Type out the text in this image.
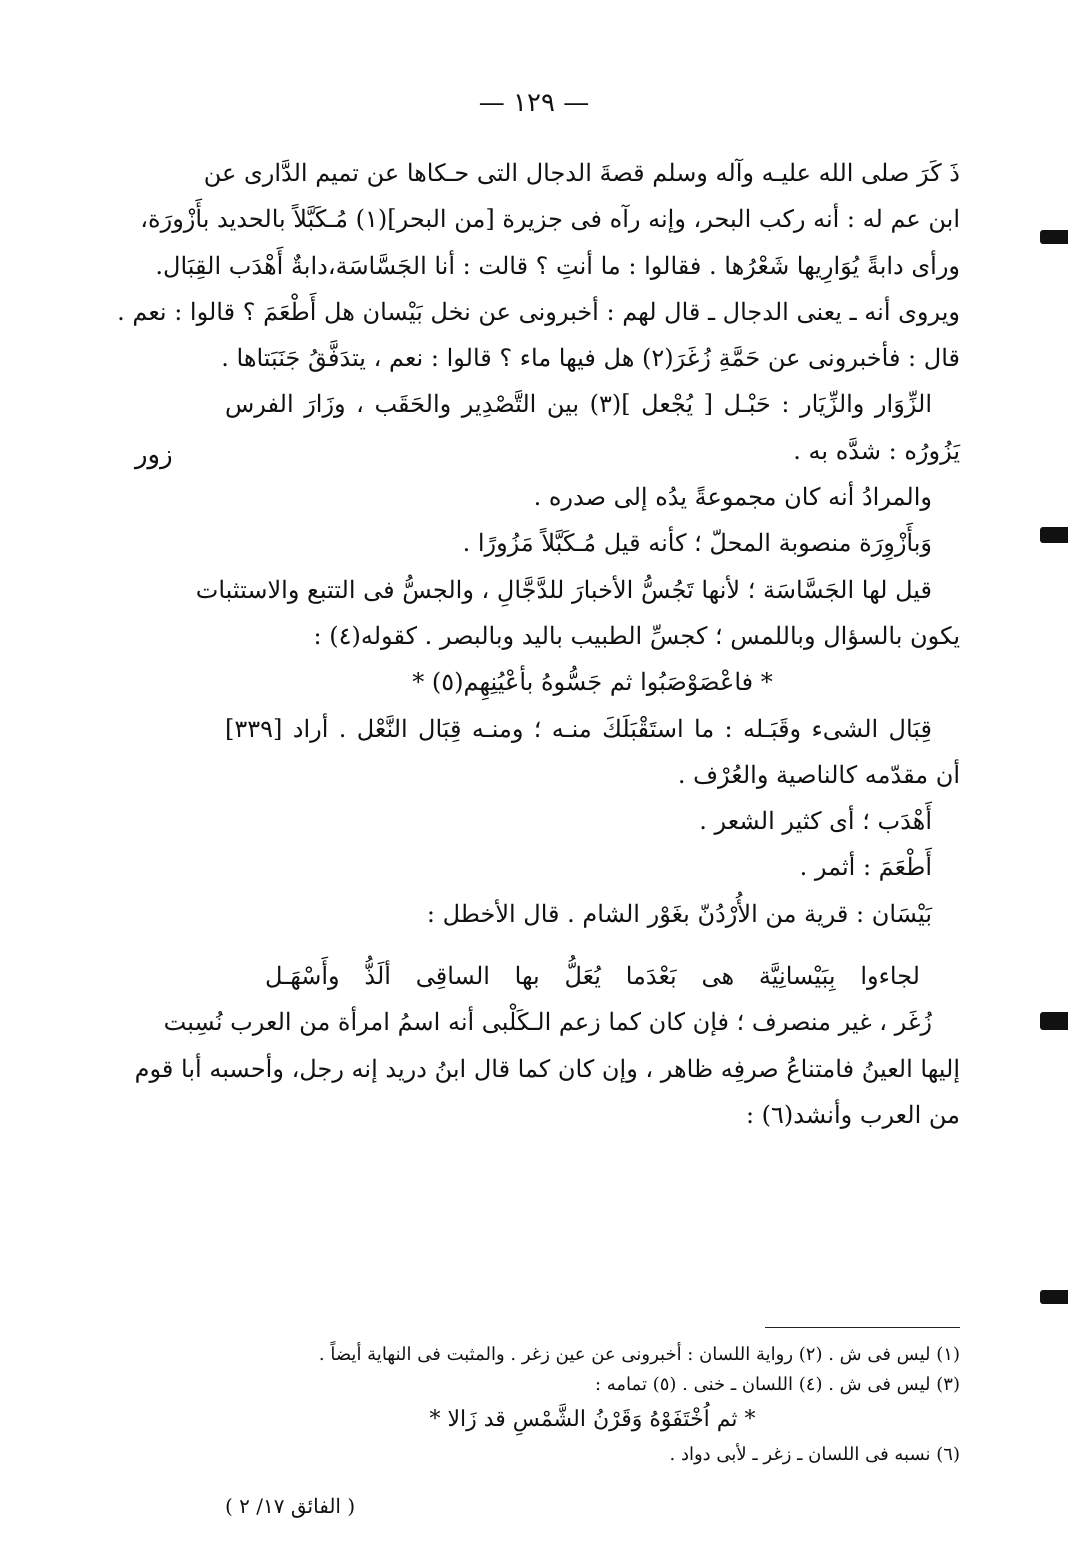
— ١٢٩ —
زور
ذَ كَرَ صلى الله عليـه وآله وسلم قصةَ الدجال التى حـكاها عن تميم الدَّارى عن
ابن عم له : أنه ركب البحر، وإنه رآه فى جزيرة [من البحر](١) مُـكَبَّلاً بالحديد بأَزْورَة،
ورأى دابةً يُوَارِيها شَعْرُها . فقالوا : ما أنتِ ؟ قالت : أنا الجَسَّاسَة،دابةٌ أَهْدَب القِبَال.
ويروى أنه ـ يعنى الدجال ـ قال لهم : أخبرونى عن نخل بَيْسان هل أَطْعَمَ ؟ قالوا : نعم .
قال : فأخبرونى عن حَمَّةِ زُغَرَ(٢) هل فيها ماء ؟ قالوا : نعم ، يتدَفَّقُ جَنَبَتاها .
الزِّوَار والزِّيَار : حَبْـل [ يُجْعل ](٣) بين التَّصْدِير والحَقَب ، وزَارَ الفرس
يَزُورُه : شدَّه به .
والمرادُ أنه كان مجموعةً يدُه إلى صدره .
وَبأَزْوِرَة منصوبة المحلّ ؛ كأنه قيل مُـكَبَّلاً مَزُورًا .
قيل لها الجَسَّاسَة ؛ لأنها تَجُسُّ الأخبارَ للدَّجَّالِ ، والجسُّ فى التتبع والاستثبات
يكون بالسؤال وباللمس ؛ كجسِّ الطبيب باليد وبالبصر . كقوله(٤) :
* فاعْصَوْصَبُوا ثم جَسُّوهُ بأعْيُنِهِم(٥) *
قِبَال الشىء وقَبَـله : ما استَقْبَلَكَ منـه ؛ ومنـه قِبَال النَّعْل . أراد [٣٣٩]
أن مقدّمه كالناصية والعُرْف .
أَهْدَب ؛ أى كثير الشعر .
أَطْعَمَ : أثمر .
بَيْسَان : قرية من الأُرْدُنّ بغَوْر الشام . قال الأخطل :
لجاءوا بِبَيْسانِيَّة هى بَعْدَما يُعَلُّ بها الساقِى ألَذُّ وأَسْهَـل
زُغَر ، غير منصرف ؛ فإن كان كما زعم الـكَلْبى أنه اسمُ امرأة من العرب نُسِبت
إليها العينُ فامتناعُ صرفِه ظاهر ، وإن كان كما قال ابنُ دريد إنه رجل، وأحسبه أبا قوم
من العرب وأنشد(٦) :
(١) ليس فى ش . (٢) رواية اللسان : أخبرونى عن عين زغر . والمثبت فى النهاية أيضاً .
(٣) ليس فى ش . (٤) اللسان ـ خنى . (٥) تمامه :
* ثم اُخْتَفَوْهُ وَقَرْنُ الشَّمْسِ قد زَالا *
(٦) نسبه فى اللسان ـ زغر ـ لأبى دواد .
( الفائق ١٧/ ٢ )
